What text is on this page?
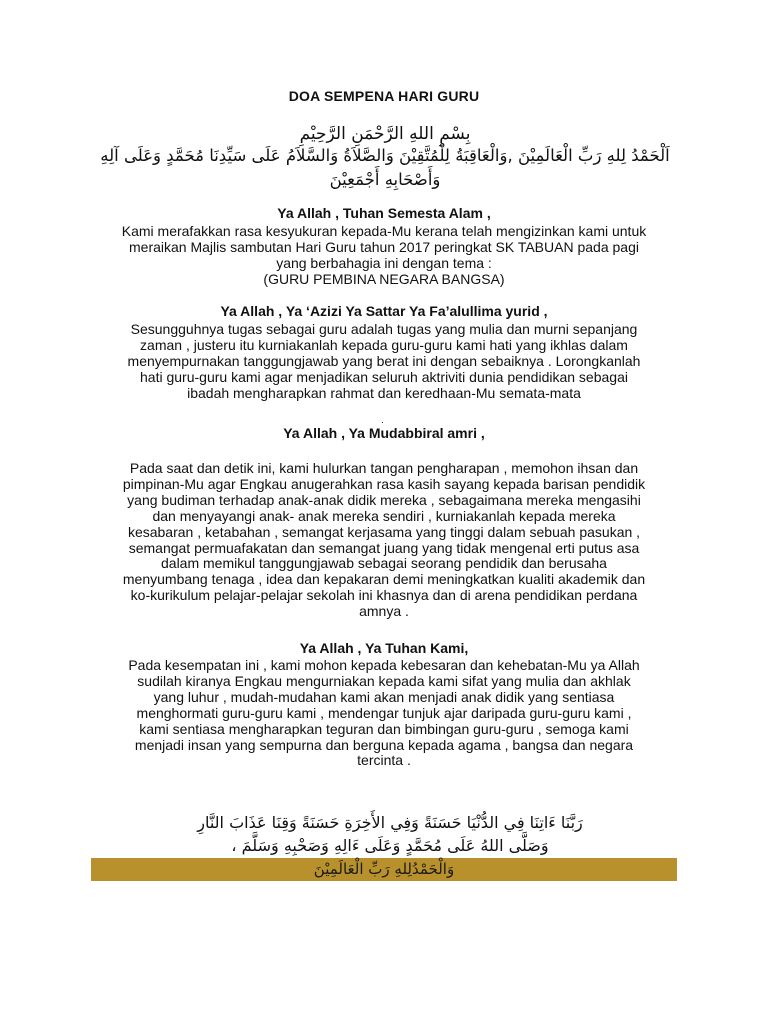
DOA SEMPENA HARI GURU
بِسْمِ اللهِ الرَّحْمَنِ الرَّحِيْمِ
اَلْحَمْدُ لِلهِ رَبِّ الْعَالَمِيْنَ ,وَالْعَاقِبَةُ لِلْمُتَّقِيْنَ وَالصَّلاَةُ وَالسَّلاَمُ عَلَى سَيِّدِنَا مُحَمَّدٍ وَعَلَى آلِهِ وَأَصْحَابِهِ أَجْمَعِيْنَ
Ya Allah , Tuhan Semesta Alam ,
Kami merafakkan rasa kesyukuran kepada-Mu kerana telah mengizinkan kami untuk
meraikan Majlis sambutan Hari Guru tahun 2017 peringkat SK TABUAN pada pagi
yang berbahagia ini dengan tema :
(GURU PEMBINA NEGARA BANGSA)
Ya Allah , Ya ‘Azizi Ya Sattar Ya Fa’alullima yurid ,
Sesungguhnya tugas sebagai guru adalah tugas yang mulia dan murni sepanjang
zaman , justeru itu kurniakanlah kepada guru-guru kami hati yang ikhlas dalam
menyempurnakan tanggungjawab yang berat ini dengan sebaiknya . Lorongkanlah
hati guru-guru kami agar menjadikan seluruh aktriviti dunia pendidikan sebagai
ibadah mengharapkan rahmat dan keredhaan-Mu semata-mata
.
Ya Allah , Ya Mudabbiral amri ,
Pada saat dan detik ini, kami hulurkan tangan pengharapan , memohon ihsan dan
pimpinan-Mu agar Engkau anugerahkan rasa kasih sayang kepada barisan pendidik
yang budiman terhadap anak-anak didik mereka , sebagaimana mereka mengasihi
dan menyayangi anak- anak mereka sendiri , kurniakanlah kepada mereka
kesabaran , ketabahan , semangat kerjasama yang tinggi dalam sebuah pasukan ,
semangat permuafakatan dan semangat juang yang tidak mengenal erti putus asa
dalam memikul tanggungjawab sebagai seorang pendidik dan berusaha
menyumbang tenaga , idea dan kepakaran demi meningkatkan kualiti akademik dan
ko-kurikulum pelajar-pelajar sekolah ini khasnya dan di arena pendidikan perdana
amnya .
Ya Allah , Ya Tuhan Kami,
Pada kesempatan ini , kami mohon kepada kebesaran dan kehebatan-Mu ya Allah
sudilah kiranya Engkau mengurniakan kepada kami sifat yang mulia dan akhlak
yang luhur , mudah-mudahan kami akan menjadi anak didik yang sentiasa
menghormati guru-guru kami , mendengar tunjuk ajar daripada guru-guru kami ,
kami sentiasa mengharapkan teguran dan bimbingan guru-guru , semoga kami
menjadi insan yang sempurna dan berguna kepada agama , bangsa dan negara
tercinta .
رَبَّنَا ءَاتِنَا فِي الدُّنْيَا حَسَنَةً وَفِي الأَخِرَةِ حَسَنَةً وَقِنَا عَذَابَ النَّارِ
وَصَلَّى اللهُ عَلَى مُحَمَّدٍ وَعَلَى ءَالِهِ وَصَحْبِهِ وَسَلَّمَ ،
وَالْحَمْدُلِلهِ رَبِّ الْعَالَمِيْنَ
